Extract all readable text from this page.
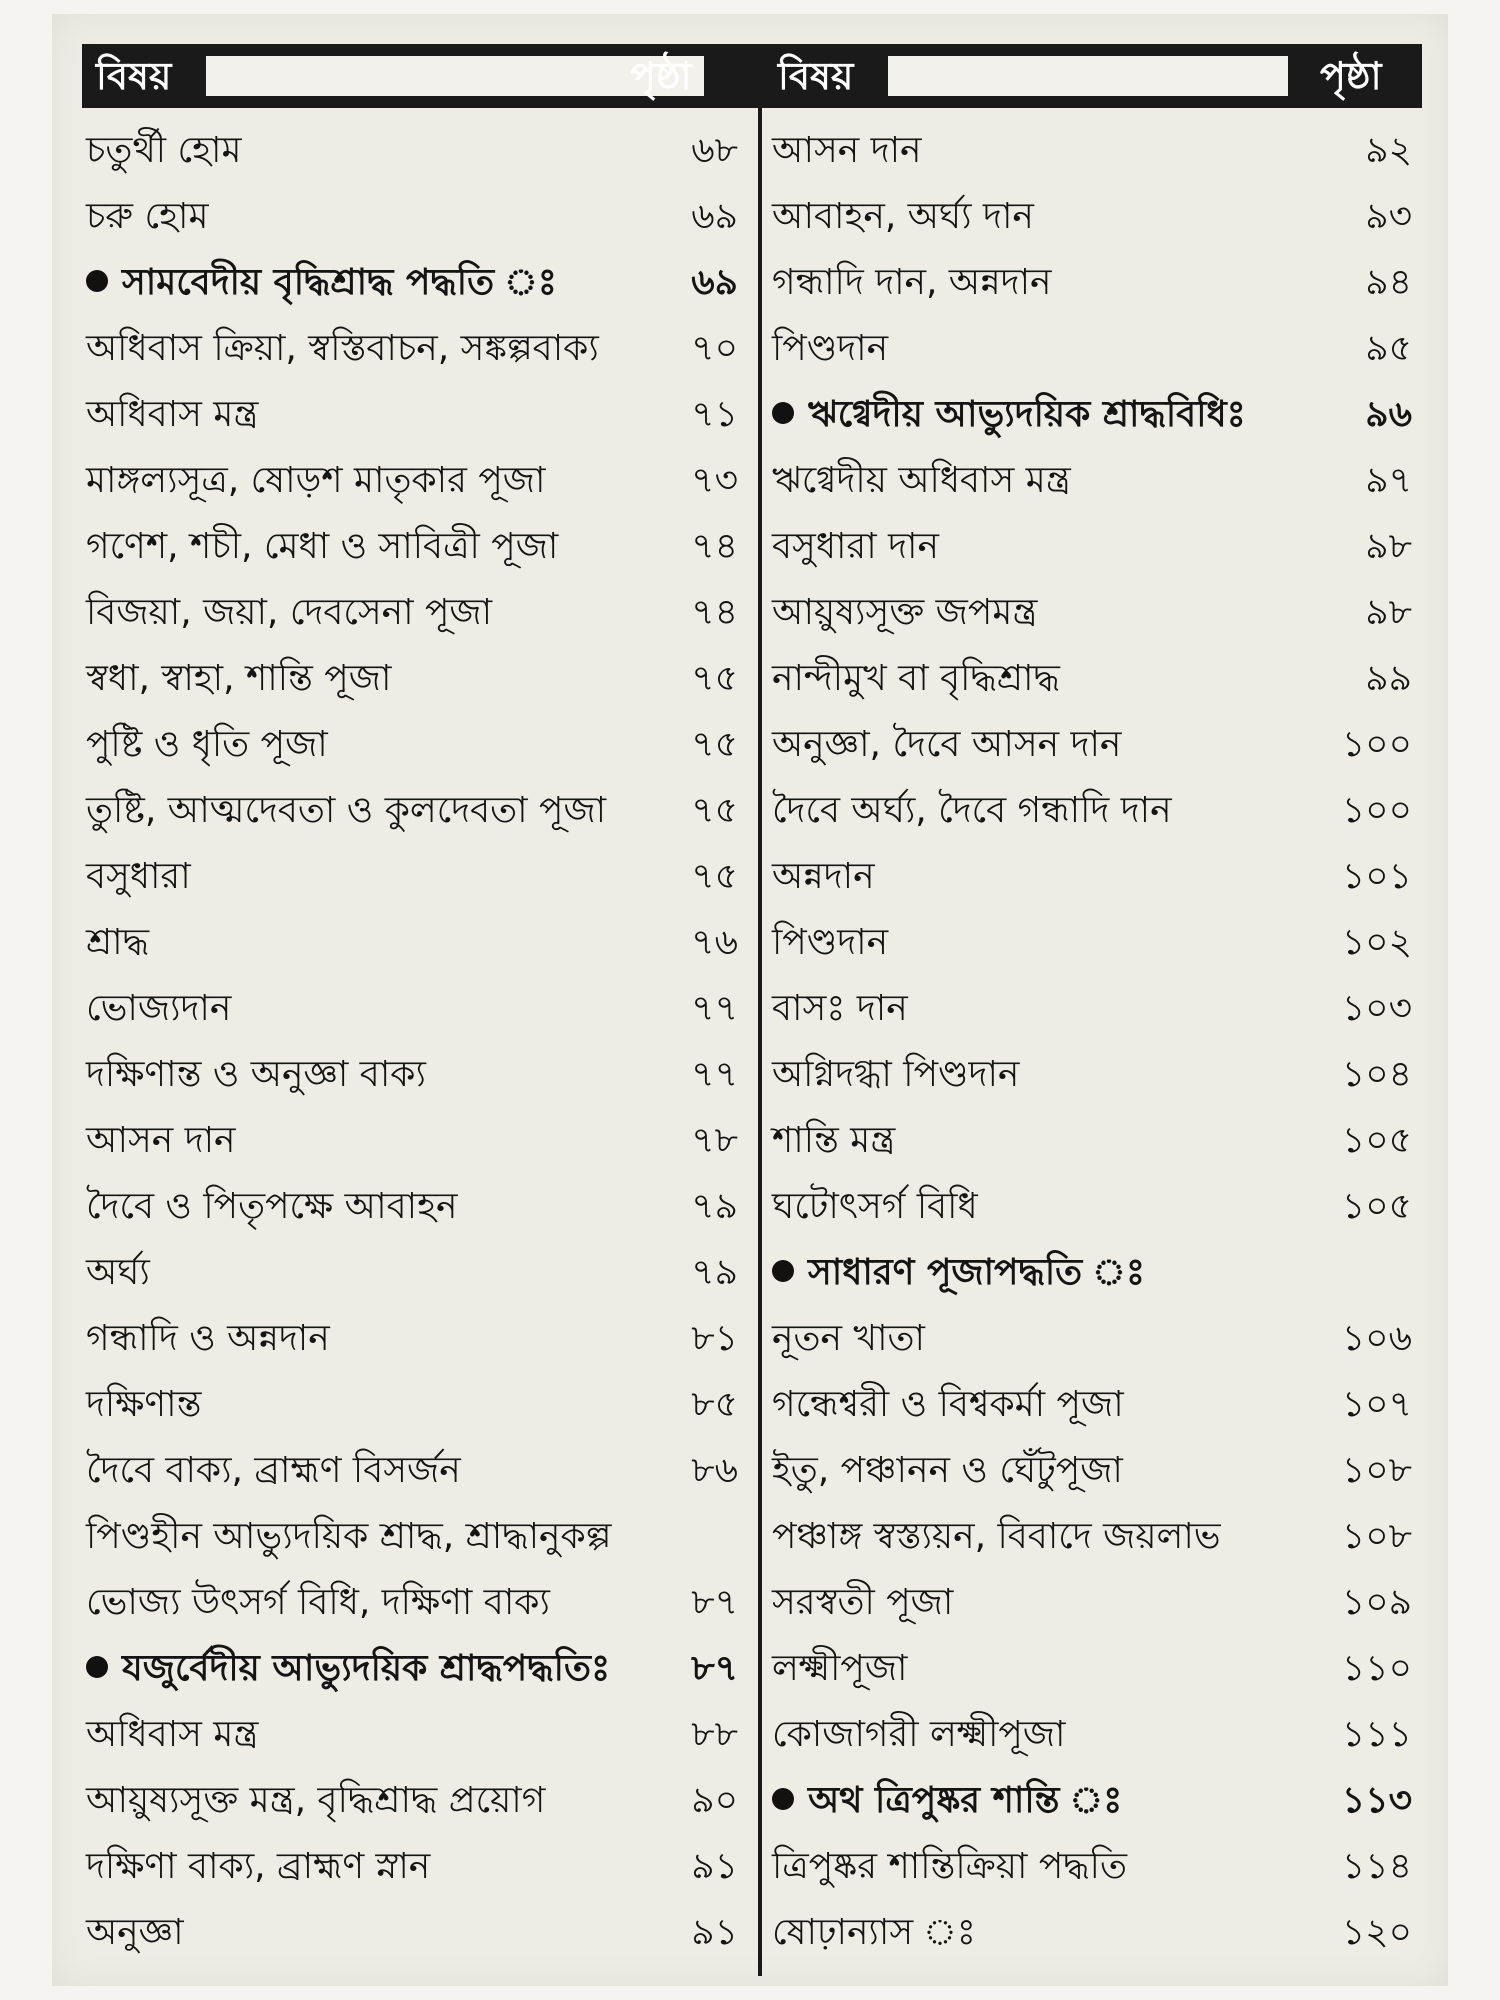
বিষয়	পৃষ্ঠা বিষয়	পৃষ্ঠা
চতুর্থী হোম	৬৮
চরু হোম	৬৯
সামবেদীয় বৃদ্ধিশ্রাদ্ধ পদ্ধতি ঃ	৬৯
অধিবাস ক্রিয়া, স্বস্তিবাচন, সঙ্কল্পবাক্য	৭০
অধিবাস মন্ত্র	৭১
মাঙ্গল্যসূত্র, ষোড়শ মাতৃকার পূজা	৭৩
গণেশ, শচী, মেধা ও সাবিত্রী পূজা	৭৪
বিজয়া, জয়া, দেবসেনা পূজা	৭৪
স্বধা, স্বাহা, শান্তি পূজা	৭৫
পুষ্টি ও ধৃতি পূজা	৭৫
তুষ্টি, আত্মদেবতা ও কুলদেবতা পূজা ৭৫
বসুধারা	৭৫
শ্রাদ্ধ	৭৬
ভোজ্যদান	৭৭
দক্ষিণান্ত ও অনুজ্ঞা বাক্য	৭৭
আসন দান	৭৮
দৈবে ও পিতৃপক্ষে আবাহন	৭৯
অর্ঘ্য	৭৯
গন্ধাদি ও অন্নদান	৮১
দক্ষিণান্ত	৮৫
দৈবে বাক্য, ব্রাহ্মণ বিসর্জন	৮৬
পিণ্ডহীন আভ্যুদয়িক শ্রাদ্ধ, শ্রাদ্ধানুকল্প
ভোজ্য উৎসর্গ বিধি, দক্ষিণা বাক্য	৮৭
যজুর্বেদীয় আভ্যুদয়িক শ্রাদ্ধপদ্ধতিঃ ৮৭
অধিবাস মন্ত্র	৮৮
আয়ুষ্যসূক্ত মন্ত্র, বৃদ্ধিশ্রাদ্ধ প্রয়োগ	৯০
দক্ষিণা বাক্য, ব্রাহ্মণ স্নান	৯১
অনুজ্ঞা	৯১
আসন দান	৯২
আবাহন, অর্ঘ্য দান	৯৩
গন্ধাদি দান, অন্নদান	৯৪
পিণ্ডদান	৯৫
ঋগ্বেদীয় আভ্যুদয়িক শ্রাদ্ধবিধিঃ	৯৬
ঋগ্বেদীয় অধিবাস মন্ত্র	৯৭
বসুধারা দান	৯৮
আয়ুষ্যসূক্ত জপমন্ত্র	৯৮
নান্দীমুখ বা বৃদ্ধিশ্রাদ্ধ	৯৯
অনুজ্ঞা, দৈবে আসন দান	১০০
দৈবে অর্ঘ্য, দৈবে গন্ধাদি দান	১০০
অন্নদান	১০১
পিণ্ডদান	১০২
বাসঃ দান	১০৩
অগ্নিদগ্ধা পিণ্ডদান	১০৪
শান্তি মন্ত্র	১০৫
ঘটোৎসর্গ বিধি	১০৫
সাধারণ পূজাপদ্ধতি ঃ
নূতন খাতা	১০৬
গন্ধেশ্বরী ও বিশ্বকর্মা পূজা	১০৭
ইতু, পঞ্চানন ও ঘেঁটুপূজা	১০৮
পঞ্চাঙ্গ স্বস্ত্যয়ন, বিবাদে জয়লাভ	১০৮
সরস্বতী পূজা	১০৯
লক্ষ্মীপূজা	১১০
কোজাগরী লক্ষ্মীপূজা	১১১
অথ ত্রিপুষ্কর শান্তি ঃ	১১৩
ত্রিপুষ্কর শান্তিক্রিয়া পদ্ধতি	১১৪
ষোঢ়ান্যাস ঃ	১২০
